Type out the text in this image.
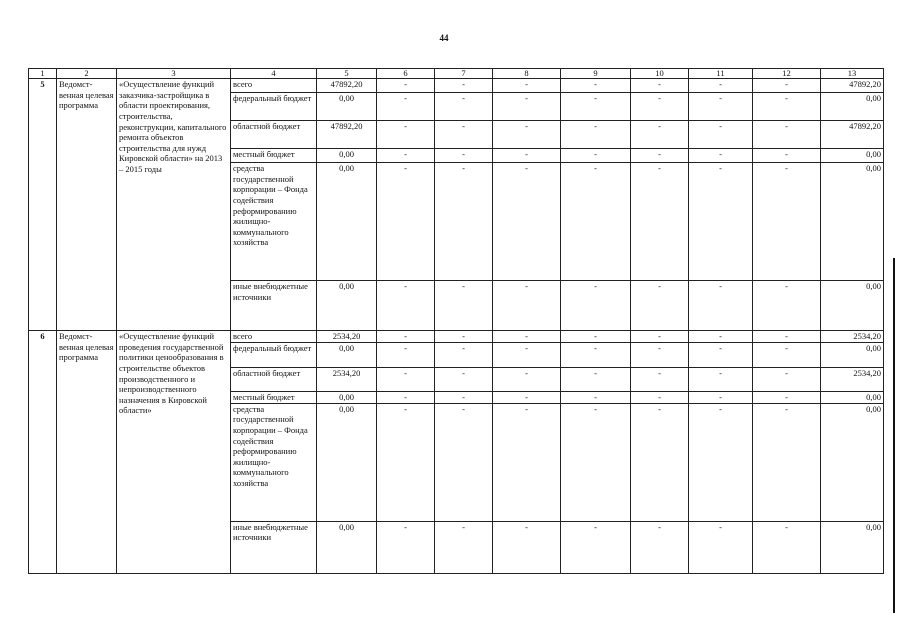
44
1	2	3	4	5	6	7	8	9	10	11	12	13
5	Ведомст-венная целевая программа	«Осуществление функций заказчика-застройщика в области проектирования, строительства, реконструкции, капитального ремонта объектов строительства для нужд Кировской области» на 2013 – 2015 годы	всего	47892,20	-	-	-	-	-	-	-	47892,20
			федеральный бюджет	0,00	-	-	-	-	-	-	-	0,00
			областной бюджет	47892,20	-	-	-	-	-	-	-	47892,20
			местный бюджет	0,00	-	-	-	-	-	-	-	0,00
			средства государственной корпорации – Фонда содействия реформированию жилищно-коммунального хозяйства	0,00	-	-	-	-	-	-	-	0,00
			иные внебюджетные источники	0,00	-	-	-	-	-	-	-	0,00
6	Ведомст-венная целевая программа	«Осуществление функций проведения государственной политики ценообразования в строительстве объектов производственного и непроизводственного назначения в Кировской области»	всего	2534,20	-	-	-	-	-	-	-	2534,20
			федеральный бюджет	0,00	-	-	-	-	-	-	-	0,00
			областной бюджет	2534,20	-	-	-	-	-	-	-	2534,20
			местный бюджет	0,00	-	-	-	-	-	-	-	0,00
			средства государственной корпорации – Фонда содействия реформированию жилищно-коммунального хозяйства	0,00	-	-	-	-	-	-	-	0,00
			иные внебюджетные источники	0,00	-	-	-	-	-	-	-	0,00
